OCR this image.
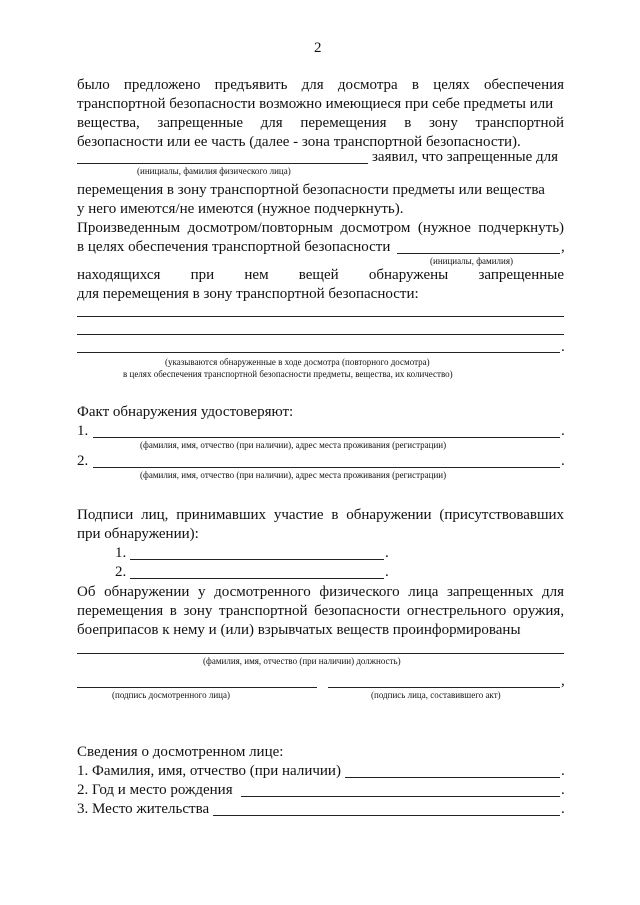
2
было предложено предъявить для досмотра в целях обеспечения
транспортной безопасности возможно имеющиеся при себе предметы или
вещества, запрещенные для перемещения в зону транспортной
безопасности или ее часть (далее - зона транспортной безопасности).
заявил, что запрещенные для
(инициалы, фамилия физического лица)
перемещения в зону транспортной безопасности предметы или вещества
у него имеются/не имеются (нужное подчеркнуть).
Произведенным досмотром/повторным досмотром (нужное подчеркнуть)
в целях обеспечения транспортной безопасности	,
(инициалы, фамилия)
находящихся при нем вещей обнаружены запрещенные
для перемещения в зону транспортной безопасности:
.
(указываются обнаруженные в ходе досмотра (повторного досмотра)
в целях обеспечения транспортной безопасности предметы, вещества, их количество)
Факт обнаружения удостоверяют:
1.	.
(фамилия, имя, отчество (при наличии), адрес места проживания (регистрации)
2.	.
(фамилия, имя, отчество (при наличии), адрес места проживания (регистрации)
Подписи лиц, принимавших участие в обнаружении (присутствовавших
при обнаружении):
1.	.
2.	.
Об обнаружении у досмотренного физического лица запрещенных для
перемещения в зону транспортной безопасности огнестрельного оружия,
боеприпасов к нему и (или) взрывчатых веществ проинформированы
(фамилия, имя, отчество (при наличии) должность)
,
(подпись досмотренного лица)	(подпись лица, составившего акт)
Сведения о досмотренном лице:
1. Фамилия, имя, отчество (при наличии)	.
2. Год и место рождения	.
3. Место жительства	.
